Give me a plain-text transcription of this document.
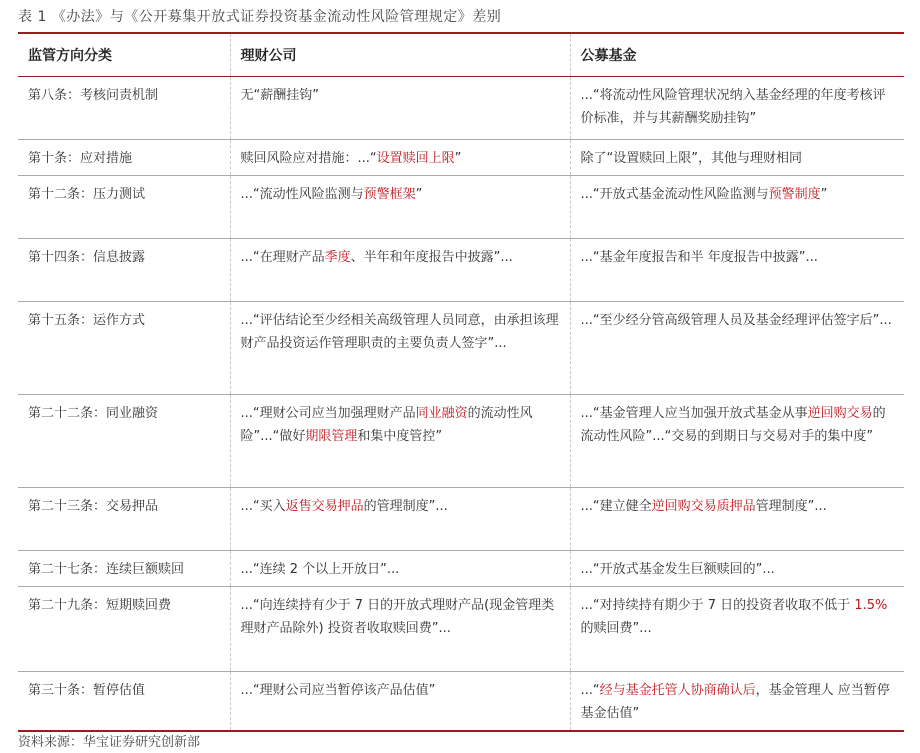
表 1 《办法》与《公开募集开放式证券投资基金流动性风险管理规定》差别
监管方向分类	理财公司	公募基金
第八条：考核问责机制	无“薪酬挂钩”	...“将流动性风险管理状况纳入基金经理的年度考核评价标准，并与其薪酬奖励挂钩”
第十条：应对措施	赎回风险应对措施：...“设置赎回上限”	除了“设置赎回上限”，其他与理财相同
第十二条：压力测试	...“流动性风险监测与预警框架”	...“开放式基金流动性风险监测与预警制度”
第十四条：信息披露	...“在理财产品季度、半年和年度报告中披露”...	...“基金年度报告和半 年度报告中披露”...
第十五条：运作方式	...“评估结论至少经相关高级管理人员同意，由承担该理财产品投资运作管理职责的主要负责人签字”...	...“至少经分管高级管理人员及基金经理评估签字后”...
第二十二条：同业融资	...“理财公司应当加强理财产品同业融资的流动性风险”...“做好期限管理和集中度管控”	...“基金管理人应当加强开放式基金从事逆回购交易的流动性风险”...“交易的到期日与交易对手的集中度”
第二十三条：交易押品	...“买入返售交易押品的管理制度”...	...“建立健全逆回购交易质押品管理制度”...
第二十七条：连续巨额赎回	...“连续 2 个以上开放日”...	...“开放式基金发生巨额赎回的”...
第二十九条：短期赎回费	...“向连续持有少于 7 日的开放式理财产品(现金管理类理财产品除外) 投资者收取赎回费”...	...“对持续持有期少于 7 日的投资者收取不低于 1.5%的赎回费”...
第三十条：暂停估值	...“理财公司应当暂停该产品估值”	...“经与基金托管人协商确认后，基金管理人 应当暂停基金估值”
资料来源：华宝证券研究创新部
